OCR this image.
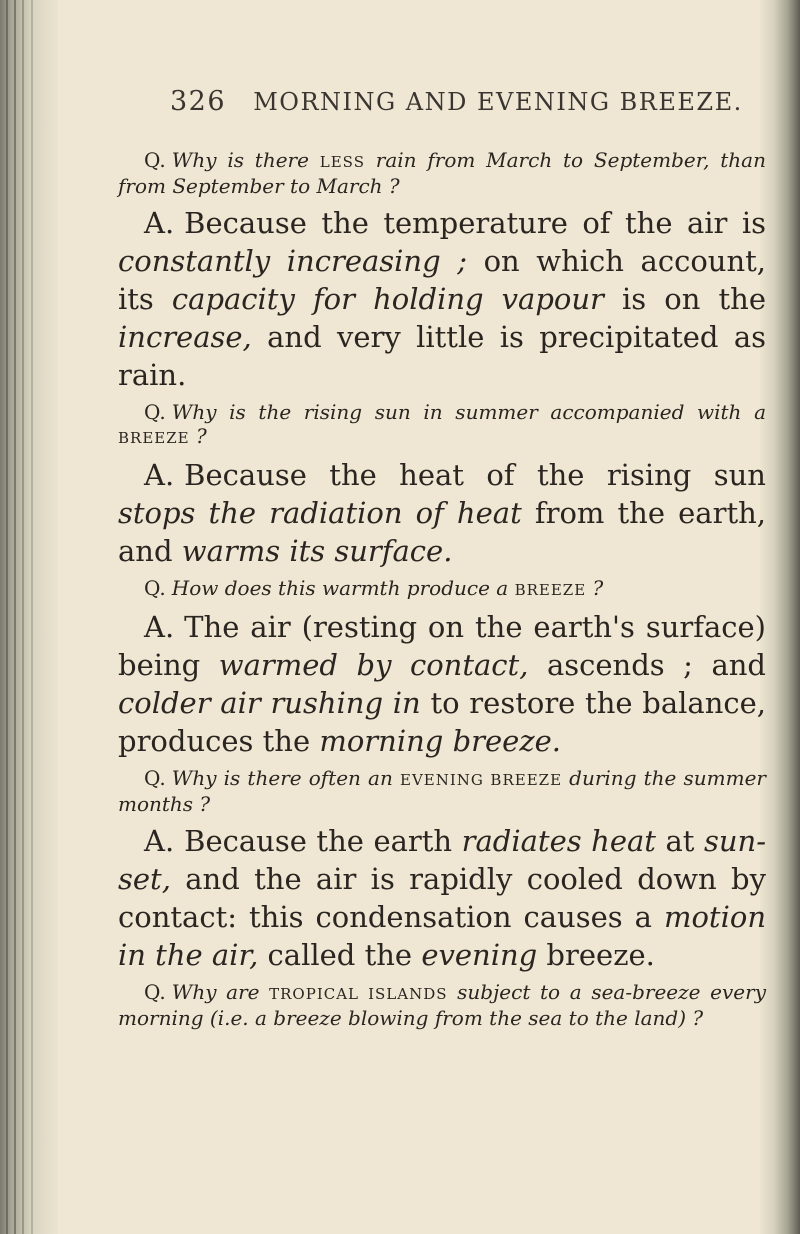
326 MORNING AND EVENING BREEZE.

Q. Why is there LESS rain from March to September, than from September to March ?

A. Because the temperature of the air is constantly increasing ; on which account, its capacity for holding vapour is on the increase, and very little is precipitated as rain.

Q. Why is the rising sun in summer accompanied with a BREEZE ?

A. Because the heat of the rising sun stops the radiation of heat from the earth, and warms its surface.

Q. How does this warmth produce a BREEZE ?

A. The air (resting on the earth's surface) being warmed by contact, ascends ; and colder air rushing in to restore the balance, produces the morning breeze.

Q. Why is there often an EVENING BREEZE during the summer months ?

A. Because the earth radiates heat at sun-set, and the air is rapidly cooled down by contact: this condensation causes a motion in the air, called the evening breeze.

Q. Why are TROPICAL ISLANDS subject to a sea-breeze every morning (i.e. a breeze blowing from the sea to the land) ?
